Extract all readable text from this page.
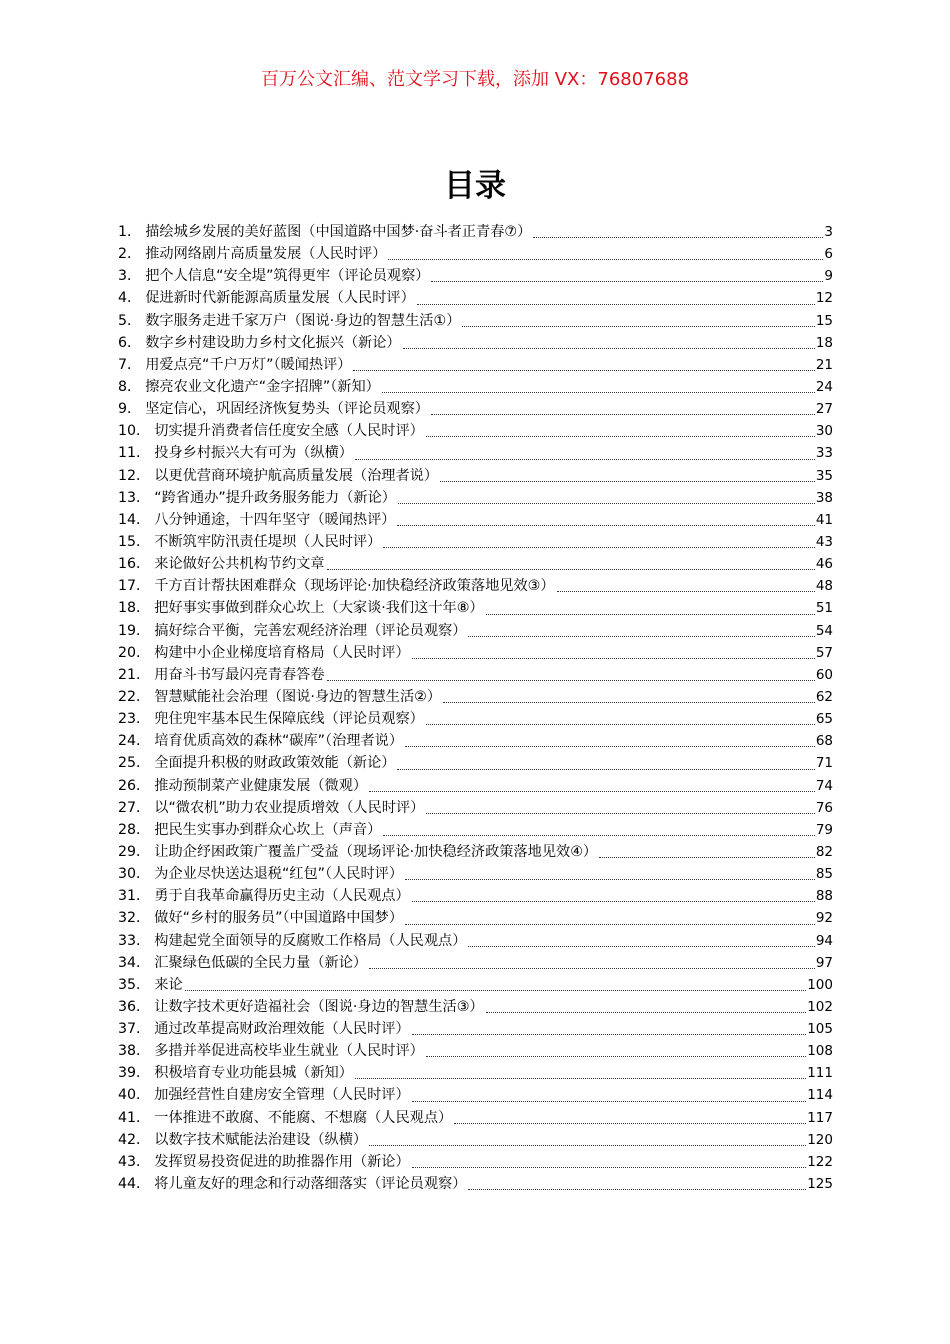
百万公文汇编、范文学习下载，添加 VX：76807688
目录
1． 描绘城乡发展的美好蓝图（中国道路中国梦·奋斗者正青春⑦）	3
2． 推动网络剧片高质量发展（人民时评）	6
3． 把个人信息“安全堤”筑得更牢（评论员观察）	9
4． 促进新时代新能源高质量发展（人民时评）	12
5． 数字服务走进千家万户（图说·身边的智慧生活①）	15
6． 数字乡村建设助力乡村文化振兴（新论）	18
7． 用爱点亮“千户万灯”（暖闻热评）	21
8． 擦亮农业文化遗产“金字招牌”（新知）	24
9． 坚定信心，巩固经济恢复势头（评论员观察）	27
10． 切实提升消费者信任度安全感（人民时评）	30
11． 投身乡村振兴大有可为（纵横）	33
12． 以更优营商环境护航高质量发展（治理者说）	35
13． “跨省通办”提升政务服务能力（新论）	38
14． 八分钟通途，十四年坚守（暖闻热评）	41
15． 不断筑牢防汛责任堤坝（人民时评）	43
16． 来论做好公共机构节约文章	46
17． 千方百计帮扶困难群众（现场评论·加快稳经济政策落地见效③）	48
18． 把好事实事做到群众心坎上（大家谈·我们这十年⑧）	51
19． 搞好综合平衡，完善宏观经济治理（评论员观察）	54
20． 构建中小企业梯度培育格局（人民时评）	57
21． 用奋斗书写最闪亮青春答卷	60
22． 智慧赋能社会治理（图说·身边的智慧生活②）	62
23． 兜住兜牢基本民生保障底线（评论员观察）	65
24． 培育优质高效的森林“碳库”（治理者说）	68
25． 全面提升积极的财政政策效能（新论）	71
26． 推动预制菜产业健康发展（微观）	74
27． 以“微农机”助力农业提质增效（人民时评）	76
28． 把民生实事办到群众心坎上（声音）	79
29． 让助企纾困政策广覆盖广受益（现场评论·加快稳经济政策落地见效④）	82
30． 为企业尽快送达退税“红包”（人民时评）	85
31． 勇于自我革命赢得历史主动（人民观点）	88
32． 做好“乡村的服务员”（中国道路中国梦）	92
33． 构建起党全面领导的反腐败工作格局（人民观点）	94
34． 汇聚绿色低碳的全民力量（新论）	97
35． 来论	100
36． 让数字技术更好造福社会（图说·身边的智慧生活③）	102
37． 通过改革提高财政治理效能（人民时评）	105
38． 多措并举促进高校毕业生就业（人民时评）	108
39． 积极培育专业功能县城（新知）	111
40． 加强经营性自建房安全管理（人民时评）	114
41． 一体推进不敢腐、不能腐、不想腐（人民观点）	117
42． 以数字技术赋能法治建设（纵横）	120
43． 发挥贸易投资促进的助推器作用（新论）	122
44． 将儿童友好的理念和行动落细落实（评论员观察）	125
